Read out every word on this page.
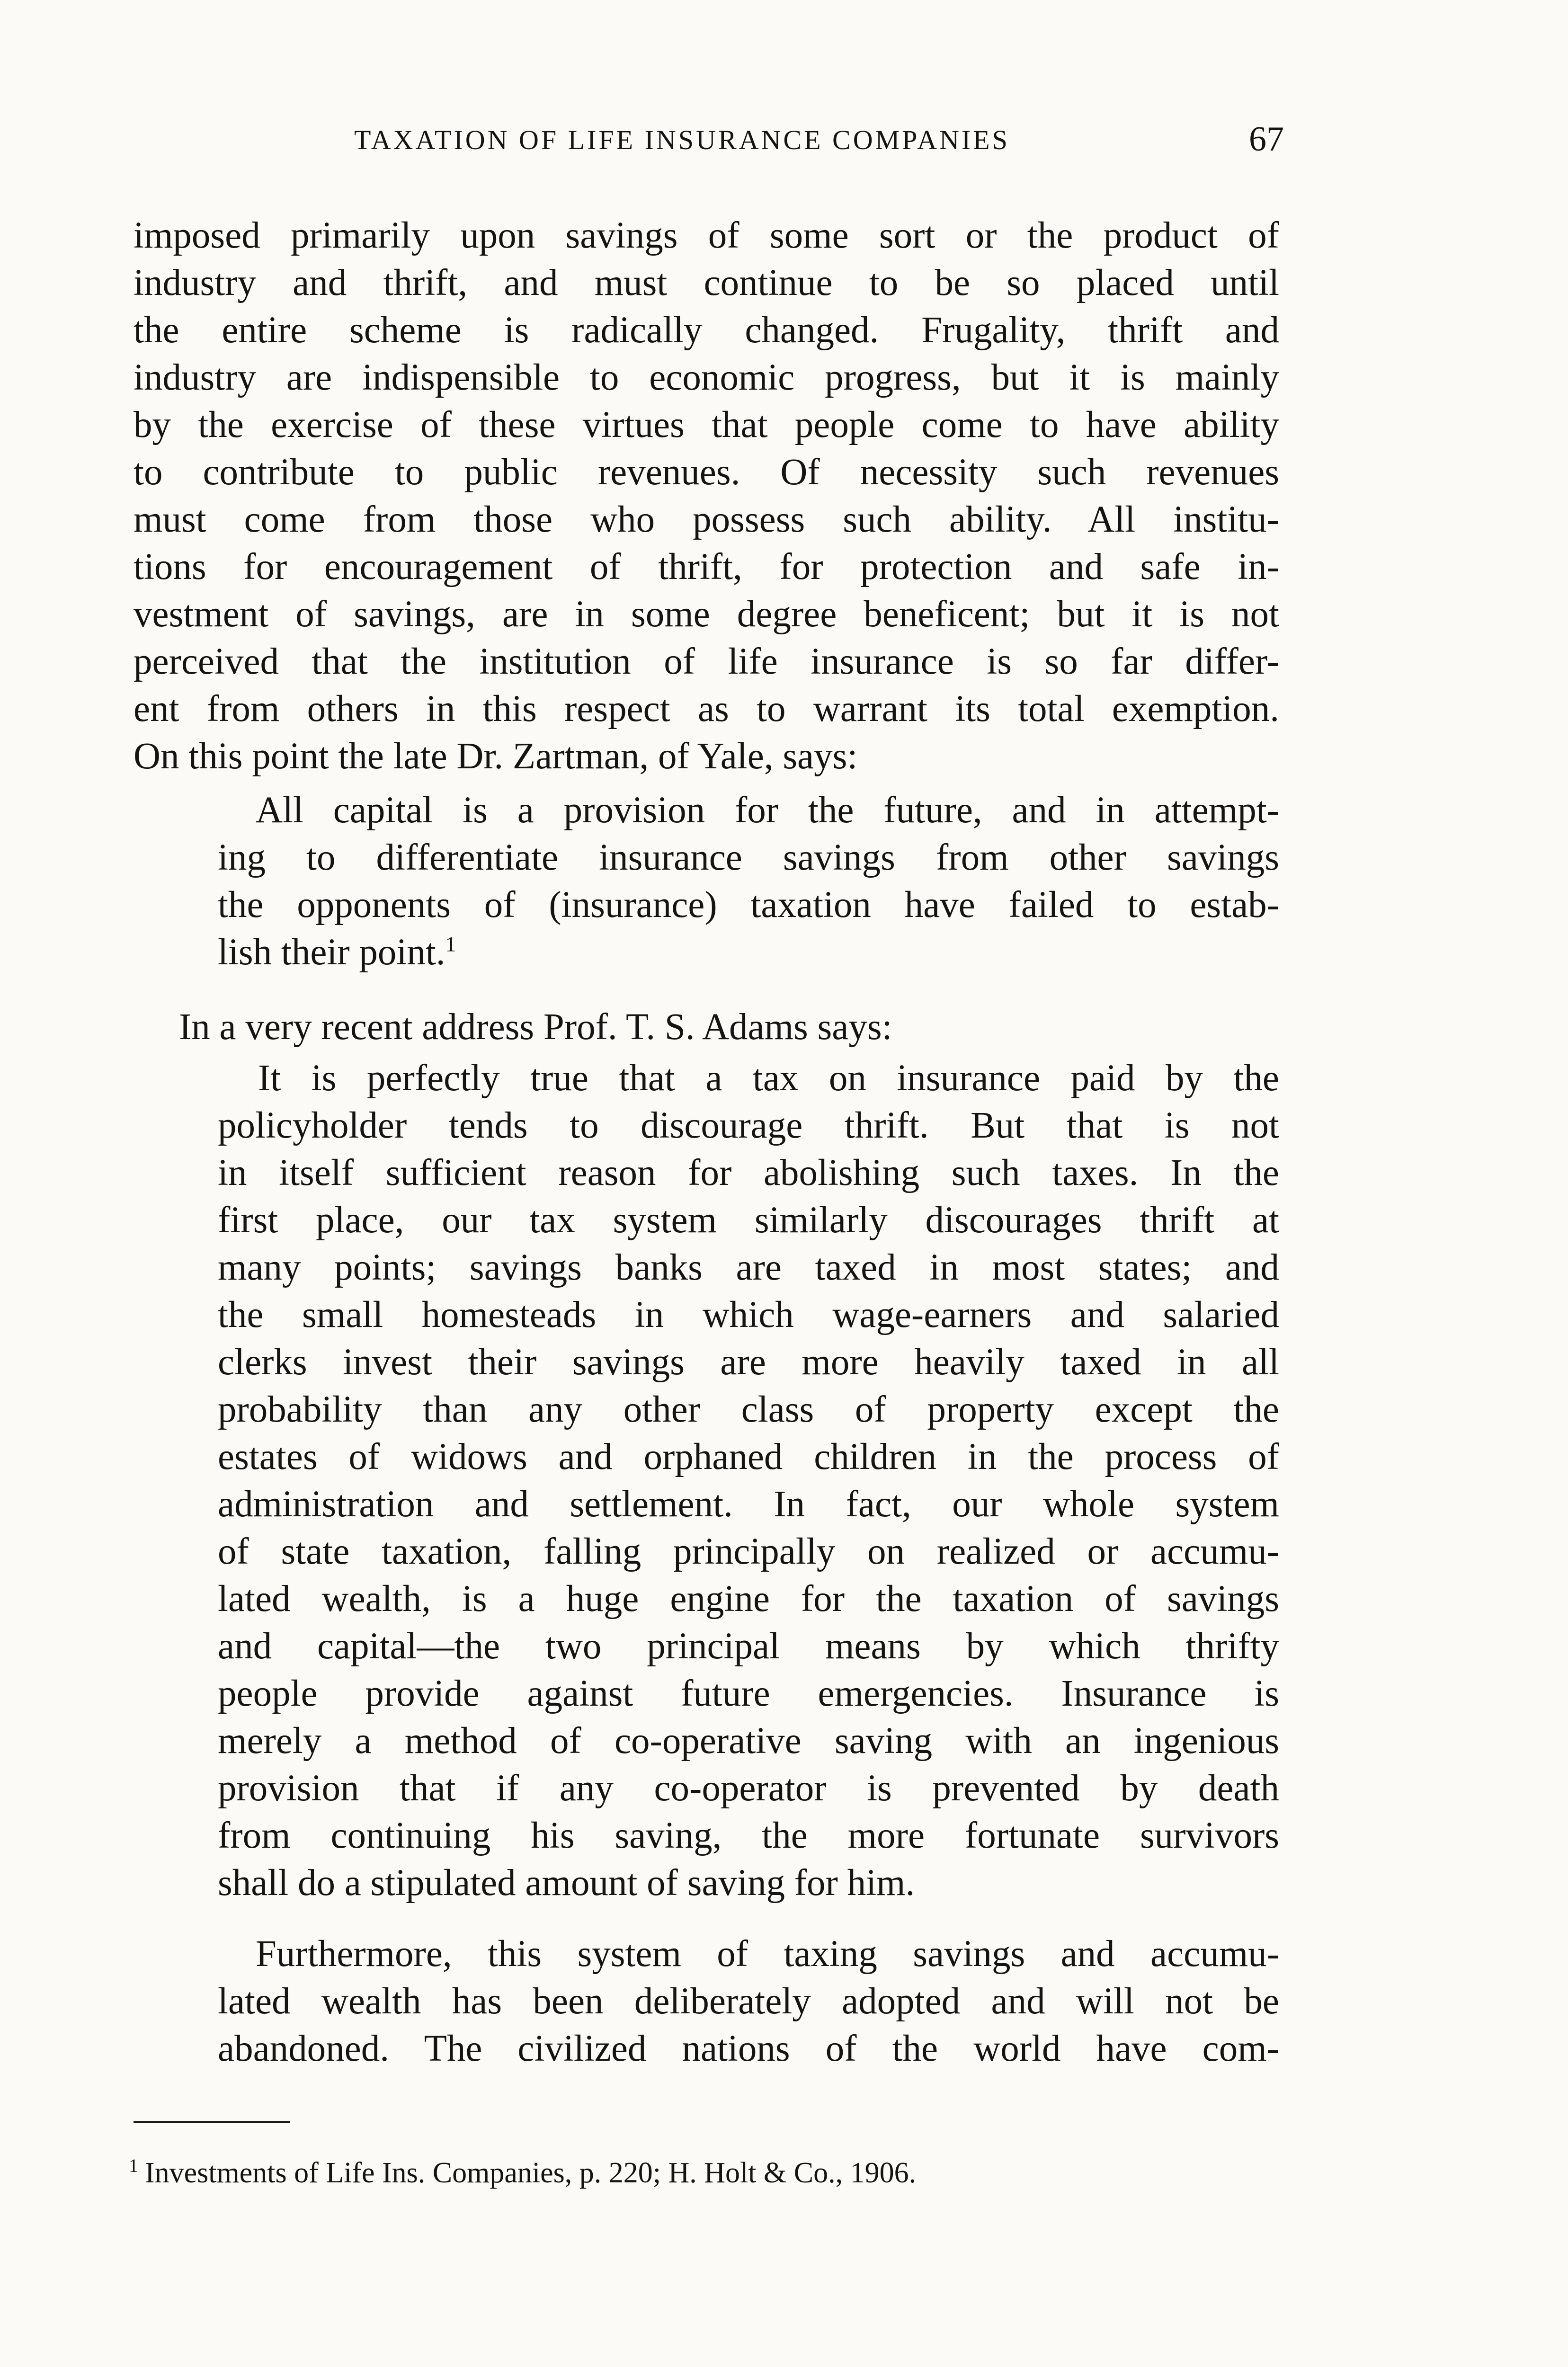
TAXATION OF LIFE INSURANCE COMPANIES	67
imposed primarily upon savings of some sort or the product of
industry and thrift, and must continue to be so placed until
the entire scheme is radically changed. Frugality, thrift and
industry are indispensible to economic progress, but it is mainly
by the exercise of these virtues that people come to have ability
to contribute to public revenues. Of necessity such revenues
must come from those who possess such ability. All institu-
tions for encouragement of thrift, for protection and safe in-
vestment of savings, are in some degree beneficent; but it is not
perceived that the institution of life insurance is so far differ-
ent from others in this respect as to warrant its total exemption.
On this point the late Dr. Zartman, of Yale, says:
All capital is a provision for the future, and in attempt-
ing to differentiate insurance savings from other savings
the opponents of (insurance) taxation have failed to estab-
lish their point.$^1$
In a very recent address Prof. T. S. Adams says:
It is perfectly true that a tax on insurance paid by the
policyholder tends to discourage thrift. But that is not
in itself sufficient reason for abolishing such taxes. In the
first place, our tax system similarly discourages thrift at
many points; savings banks are taxed in most states; and
the small homesteads in which wage-earners and salaried
clerks invest their savings are more heavily taxed in all
probability than any other class of property except the
estates of widows and orphaned children in the process of
administration and settlement. In fact, our whole system
of state taxation, falling principally on realized or accumu-
lated wealth, is a huge engine for the taxation of savings
and capital—the two principal means by which thrifty
people provide against future emergencies. Insurance is
merely a method of co-operative saving with an ingenious
provision that if any co-operator is prevented by death
from continuing his saving, the more fortunate survivors
shall do a stipulated amount of saving for him.
Furthermore, this system of taxing savings and accumu-
lated wealth has been deliberately adopted and will not be
abandoned. The civilized nations of the world have com-
$^1$ Investments of Life Ins. Companies, p. 220; H. Holt & Co., 1906.
